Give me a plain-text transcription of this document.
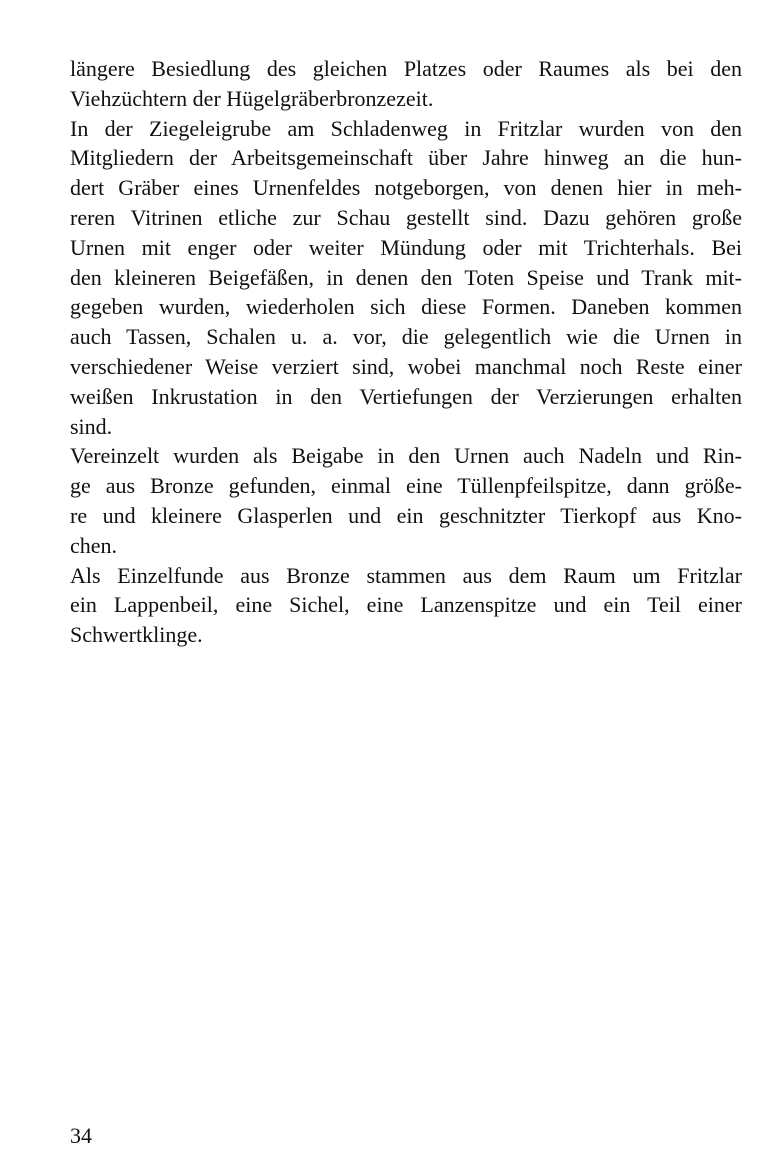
längere Besiedlung des gleichen Platzes oder Raumes als bei den
Viehzüchtern der Hügelgräberbronzezeit.
In der Ziegeleigrube am Schladenweg in Fritzlar wurden von den
Mitgliedern der Arbeitsgemeinschaft über Jahre hinweg an die hun-
dert Gräber eines Urnenfeldes notgeborgen, von denen hier in meh-
reren Vitrinen etliche zur Schau gestellt sind. Dazu gehören große
Urnen mit enger oder weiter Mündung oder mit Trichterhals. Bei
den kleineren Beigefäßen, in denen den Toten Speise und Trank mit-
gegeben wurden, wiederholen sich diese Formen. Daneben kommen
auch Tassen, Schalen u. a. vor, die gelegentlich wie die Urnen in
verschiedener Weise verziert sind, wobei manchmal noch Reste einer
weißen Inkrustation in den Vertiefungen der Verzierungen erhalten
sind.
Vereinzelt wurden als Beigabe in den Urnen auch Nadeln und Rin-
ge aus Bronze gefunden, einmal eine Tüllenpfeilspitze, dann größe-
re und kleinere Glasperlen und ein geschnitzter Tierkopf aus Kno-
chen.
Als Einzelfunde aus Bronze stammen aus dem Raum um Fritzlar
ein Lappenbeil, eine Sichel, eine Lanzenspitze und ein Teil einer
Schwertklinge.
34
